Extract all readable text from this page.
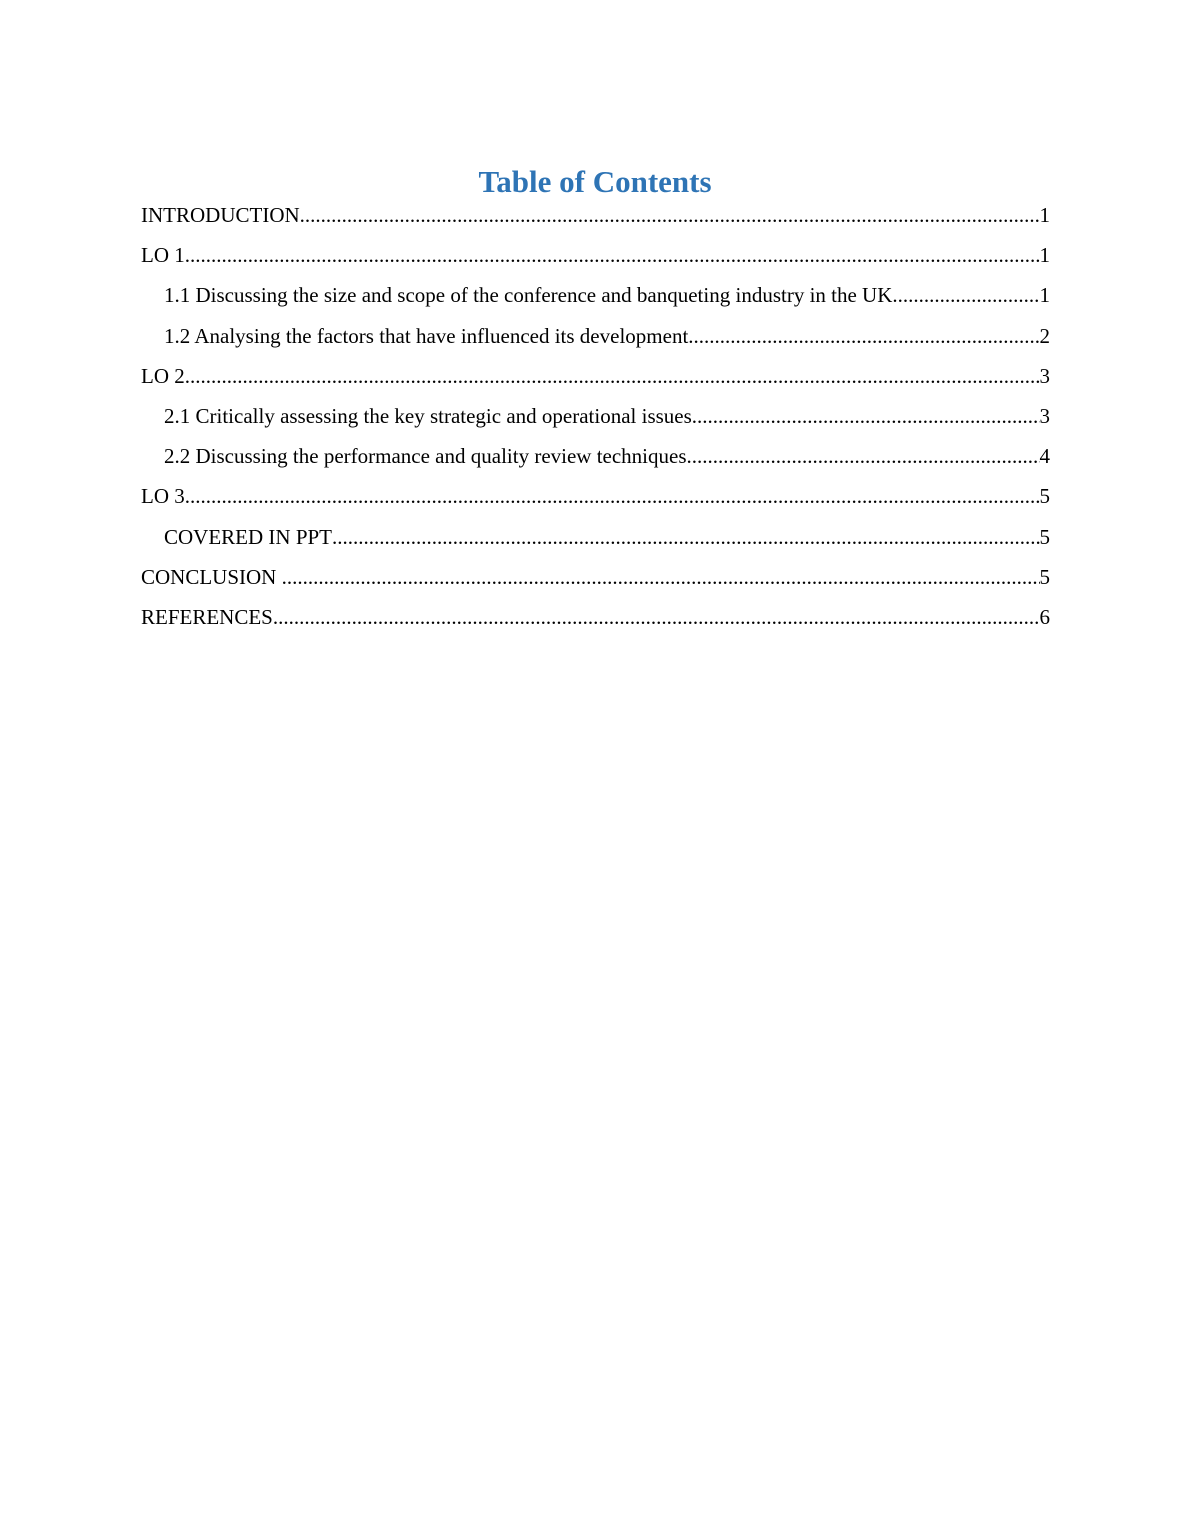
Table of Contents
INTRODUCTION .....	1
LO 1 .....	1
1.1 Discussing the size and scope of the conference and banqueting industry in the UK .....	1
1.2 Analysing the factors that have influenced its development .....	2
LO 2 .....	3
2.1 Critically assessing the key strategic and operational issues .....	3
2.2 Discussing the performance and quality review techniques .....	4
LO 3 .....	5
COVERED IN PPT .....	5
CONCLUSION .....	5
REFERENCES .....	6
